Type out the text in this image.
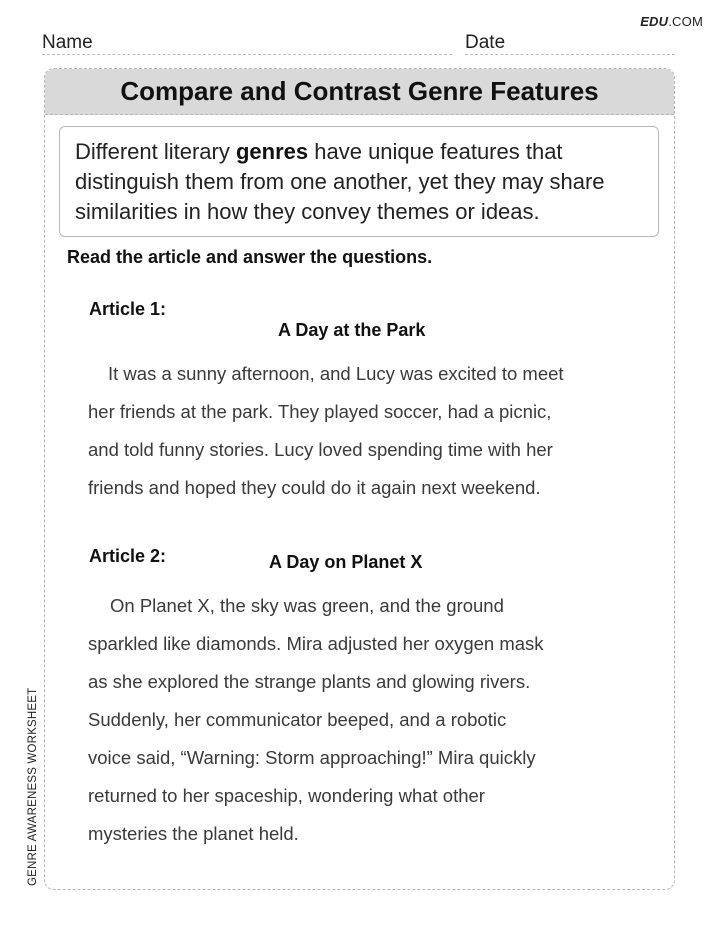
EDU.COM
Name	Date
GENRE AWARENESS WORKSHEET
Compare and Contrast Genre Features
Different literary genres have unique features that distinguish them from one another, yet they may share similarities in how they convey themes or ideas.
Read the article and answer the questions.
Article 1:
A Day at the Park
It was a sunny afternoon, and Lucy was excited to meet
her friends at the park. They played soccer, had a picnic,
and told funny stories. Lucy loved spending time with her
friends and hoped they could do it again next weekend.
Article 2:	A Day on Planet X
On Planet X, the sky was green, and the ground
sparkled like diamonds. Mira adjusted her oxygen mask
as she explored the strange plants and glowing rivers.
Suddenly, her communicator beeped, and a robotic
voice said, “Warning: Storm approaching!” Mira quickly
returned to her spaceship, wondering what other
mysteries the planet held.
